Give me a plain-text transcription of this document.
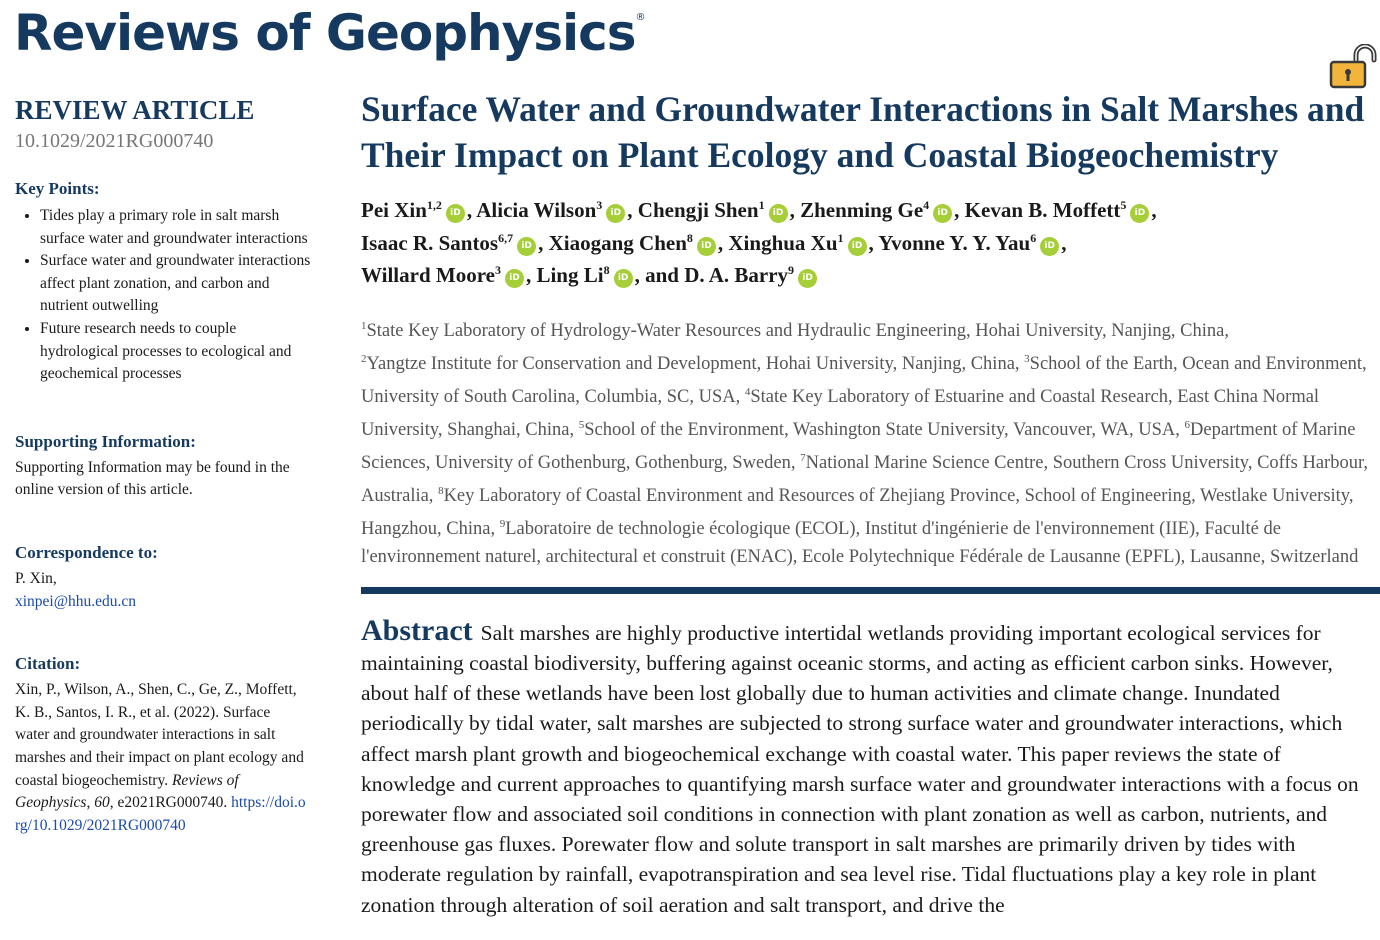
Reviews of Geophysics®
REVIEW ARTICLE
10.1029/2021RG000740
Key Points:
• Tides play a primary role in salt marsh surface water and groundwater interactions
• Surface water and groundwater interactions affect plant zonation, and carbon and nutrient outwelling
• Future research needs to couple hydrological processes to ecological and geochemical processes
Supporting Information:
Supporting Information may be found in the online version of this article.
Correspondence to:
P. Xin,
xinpei@hhu.edu.cn
Citation:
Xin, P., Wilson, A., Shen, C., Ge, Z., Moffett, K. B., Santos, I. R., et al. (2022). Surface water and groundwater interactions in salt marshes and their impact on plant ecology and coastal biogeochemistry. Reviews of Geophysics, 60, e2021RG000740. https://doi.org/10.1029/2021RG000740
Surface Water and Groundwater Interactions in Salt Marshes and Their Impact on Plant Ecology and Coastal Biogeochemistry
Pei Xin$^{1,2}$iD , Alicia Wilson$^3$iD , Chengji Shen$^1$iD , Zhenming Ge$^4$iD , Kevan B. Moffett$^5$iD ,
Isaac R. Santos$^{6,7}$iD , Xiaogang Chen$^8$iD , Xinghua Xu$^1$iD , Yvonne Y. Y. Yau$^6$iD ,
Willard Moore$^3$iD , Ling Li$^8$iD , and D. A. Barry$^9$iD
$^1$State Key Laboratory of Hydrology-Water Resources and Hydraulic Engineering, Hohai University, Nanjing, China,
$^2$Yangtze Institute for Conservation and Development, Hohai University, Nanjing, China, $^3$School of the Earth, Ocean and Environment, University of South Carolina, Columbia, SC, USA, $^4$State Key Laboratory of Estuarine and Coastal Research, East China Normal University, Shanghai, China, $^5$School of the Environment, Washington State University, Vancouver, WA, USA, $^6$Department of Marine Sciences, University of Gothenburg, Gothenburg, Sweden, $^7$National Marine Science Centre, Southern Cross University, Coffs Harbour, Australia, $^8$Key Laboratory of Coastal Environment and Resources of Zhejiang Province, School of Engineering, Westlake University, Hangzhou, China, $^9$Laboratoire de technologie écologique (ECOL), Institut d'ingénierie de l'environnement (IIE), Faculté de l'environnement naturel, architectural et construit (ENAC), Ecole Polytechnique Fédérale de Lausanne (EPFL), Lausanne, Switzerland
Abstract Salt marshes are highly productive intertidal wetlands providing important ecological services for maintaining coastal biodiversity, buffering against oceanic storms, and acting as efficient carbon sinks. However, about half of these wetlands have been lost globally due to human activities and climate change. Inundated periodically by tidal water, salt marshes are subjected to strong surface water and groundwater interactions, which affect marsh plant growth and biogeochemical exchange with coastal water. This paper reviews the state of knowledge and current approaches to quantifying marsh surface water and groundwater interactions with a focus on porewater flow and associated soil conditions in connection with plant zonation as well as carbon, nutrients, and greenhouse gas fluxes. Porewater flow and solute transport in salt marshes are primarily driven by tides with moderate regulation by rainfall, evapotranspiration and sea level rise. Tidal fluctuations play a key role in plant zonation through alteration of soil aeration and salt transport, and drive the
